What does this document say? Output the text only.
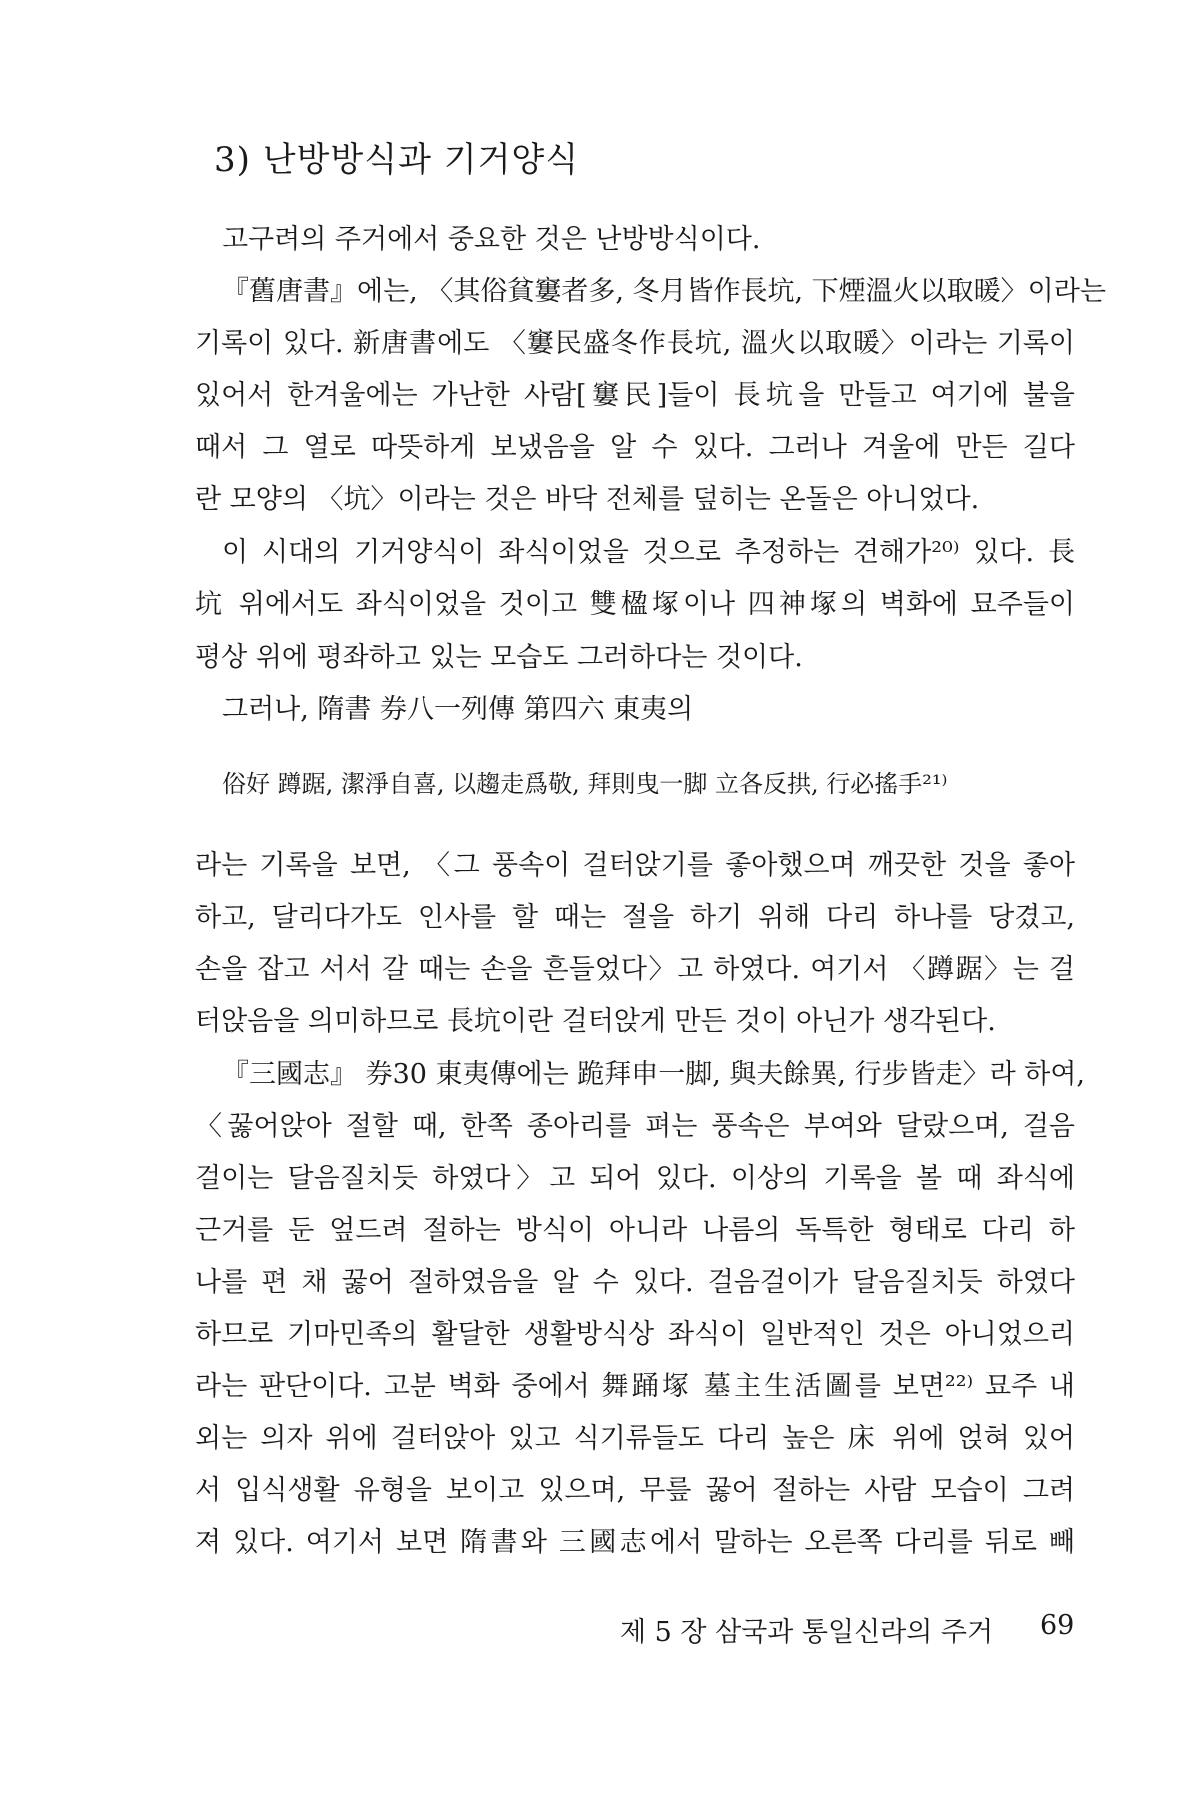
3) 난방방식과 기거양식
고구려의 주거에서 중요한 것은 난방방식이다.
『舊唐書』에는, 〈其俗貧窶者多, 冬月皆作長坑, 下煙溫火以取暖〉이라는
기록이 있다. 新唐書에도 〈窶民盛冬作長坑, 溫火以取暖〉이라는 기록이
있어서 한겨울에는 가난한 사람[窶民]들이 長坑을 만들고 여기에 불을
때서 그 열로 따뜻하게 보냈음을 알 수 있다. 그러나 겨울에 만든 길다
란 모양의 〈坑〉이라는 것은 바닥 전체를 덮히는 온돌은 아니었다.
이 시대의 기거양식이 좌식이었을 것으로 추정하는 견해가²⁰⁾ 있다. 長
坑 위에서도 좌식이었을 것이고 雙楹塚이나 四神塚의 벽화에 묘주들이
평상 위에 평좌하고 있는 모습도 그러하다는 것이다.
그러나, 隋書 券八一列傳 第四六 東夷의
俗好 蹲踞, 潔淨自喜, 以趨走爲敬, 拜則曳一脚 立各反拱, 行必搖手²¹⁾
라는 기록을 보면, 〈그 풍속이 걸터앉기를 좋아했으며 깨끗한 것을 좋아
하고, 달리다가도 인사를 할 때는 절을 하기 위해 다리 하나를 당겼고,
손을 잡고 서서 갈 때는 손을 흔들었다〉고 하였다. 여기서 〈蹲踞〉는 걸
터앉음을 의미하므로 長坑이란 걸터앉게 만든 것이 아닌가 생각된다.
『三國志』 券30 東夷傳에는 跪拜申一脚, 與夫餘異, 行步皆走〉라 하여,
〈꿇어앉아 절할 때, 한쪽 종아리를 펴는 풍속은 부여와 달랐으며, 걸음
걸이는 달음질치듯 하였다〉고 되어 있다. 이상의 기록을 볼 때 좌식에
근거를 둔 엎드려 절하는 방식이 아니라 나름의 독특한 형태로 다리 하
나를 편 채 꿇어 절하였음을 알 수 있다. 걸음걸이가 달음질치듯 하였다
하므로 기마민족의 활달한 생활방식상 좌식이 일반적인 것은 아니었으리
라는 판단이다. 고분 벽화 중에서 舞踊塚 墓主生活圖를 보면²²⁾ 묘주 내
외는 의자 위에 걸터앉아 있고 식기류들도 다리 높은 床 위에 얹혀 있어
서 입식생활 유형을 보이고 있으며, 무릎 꿇어 절하는 사람 모습이 그려
져 있다. 여기서 보면 隋書와 三國志에서 말하는 오른쪽 다리를 뒤로 빼
제 5 장 삼국과 통일신라의 주거 69
